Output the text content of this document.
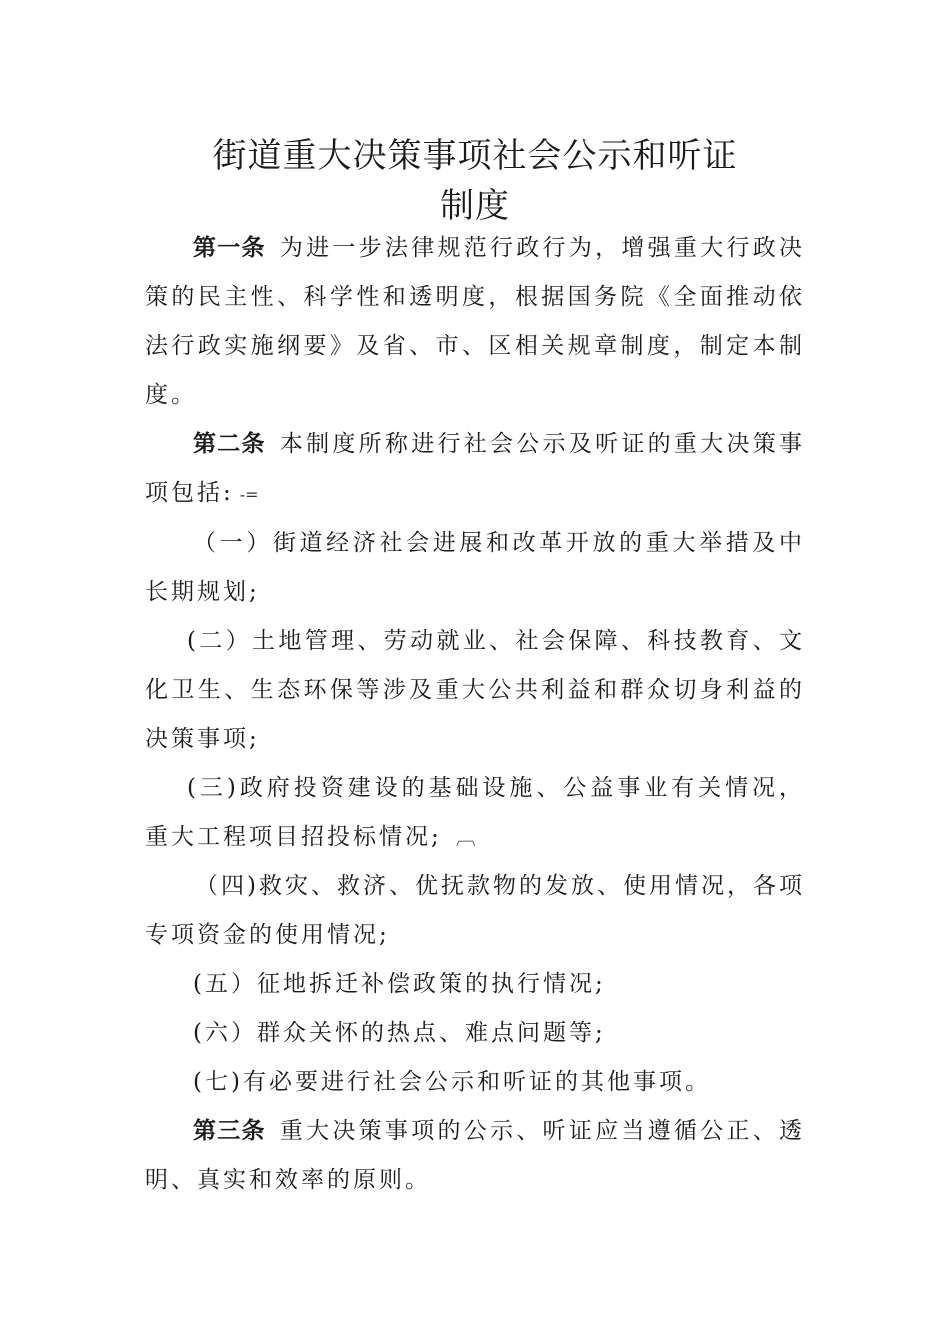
街道重大决策事项社会公示和听证
制度

第一条 为进一步法律规范行政行为，增强重大行政决策的民主性、科学性和透明度，根据国务院《全面推动依法行政实施纲要》及省、市、区相关规章制度，制定本制度。

第二条 本制度所称进行社会公示及听证的重大决策事项包括: -=

（一）街道经济社会进展和改革开放的重大举措及中长期规划;

(二）土地管理、劳动就业、社会保障、科技教育、文化卫生、生态环保等涉及重大公共利益和群众切身利益的决策事项;

(三)政府投资建设的基础设施、公益事业有关情况，重大工程项目招投标情况; ︹

（四)救灾、救济、优抚款物的发放、使用情况，各项专项资金的使用情况;

(五）征地拆迁补偿政策的执行情况;

(六）群众关怀的热点、难点问题等;

(七)有必要进行社会公示和听证的其他事项。

第三条 重大决策事项的公示、听证应当遵循公正、透明、真实和效率的原则。
